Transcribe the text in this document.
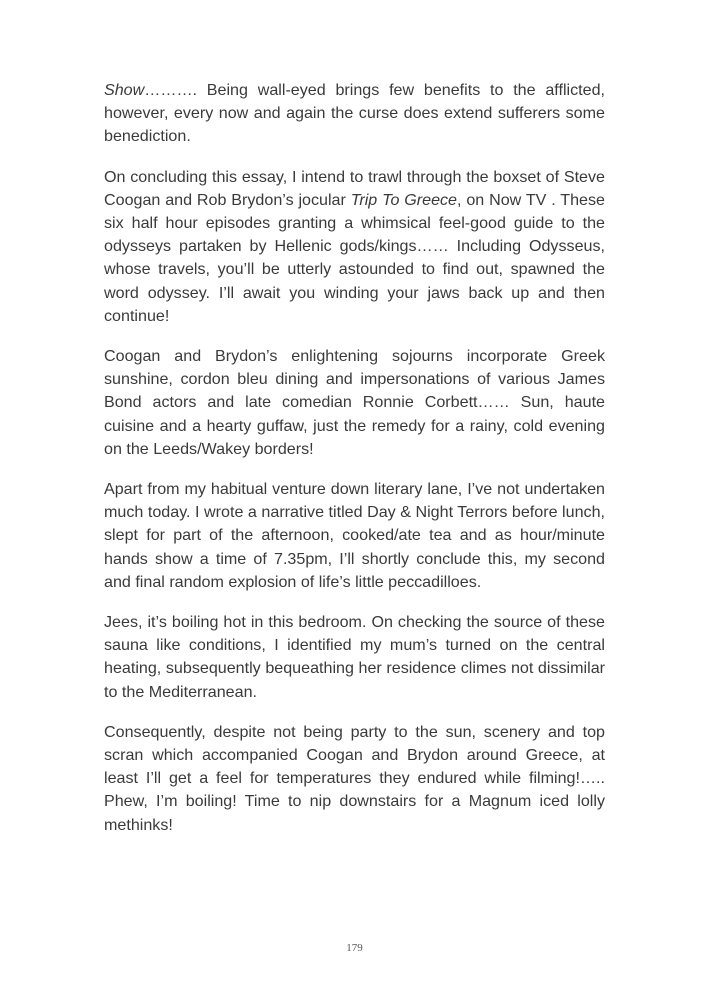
Show………. Being wall-eyed brings few benefits to the afflicted, however, every now and again the curse does extend sufferers some benediction.

On concluding this essay, I intend to trawl through the boxset of Steve Coogan and Rob Brydon’s jocular Trip To Greece, on Now TV . These six half hour episodes granting a whimsical feel-good guide to the odysseys partaken by Hellenic gods/kings…… Including Odysseus, whose travels, you’ll be utterly astounded to find out, spawned the word odyssey. I’ll await you winding your jaws back up and then continue!

Coogan and Brydon’s enlightening sojourns incorporate Greek sunshine, cordon bleu dining and impersonations of various James Bond actors and late comedian Ronnie Corbett…… Sun, haute cuisine and a hearty guffaw, just the remedy for a rainy, cold evening on the Leeds/Wakey borders!

Apart from my habitual venture down literary lane, I’ve not undertaken much today. I wrote a narrative titled Day & Night Terrors before lunch, slept for part of the afternoon, cooked/ate tea and as hour/minute hands show a time of 7.35pm, I’ll shortly conclude this, my second and final random explosion of life’s little peccadilloes.

Jees, it’s boiling hot in this bedroom. On checking the source of these sauna like conditions, I identified my mum’s turned on the central heating, subsequently bequeathing her residence climes not dissimilar to the Mediterranean.

Consequently, despite not being party to the sun, scenery and top scran which accompanied Coogan and Brydon around Greece, at least I’ll get a feel for temperatures they endured while filming!….. Phew, I’m boiling! Time to nip downstairs for a Magnum iced lolly methinks!

179
